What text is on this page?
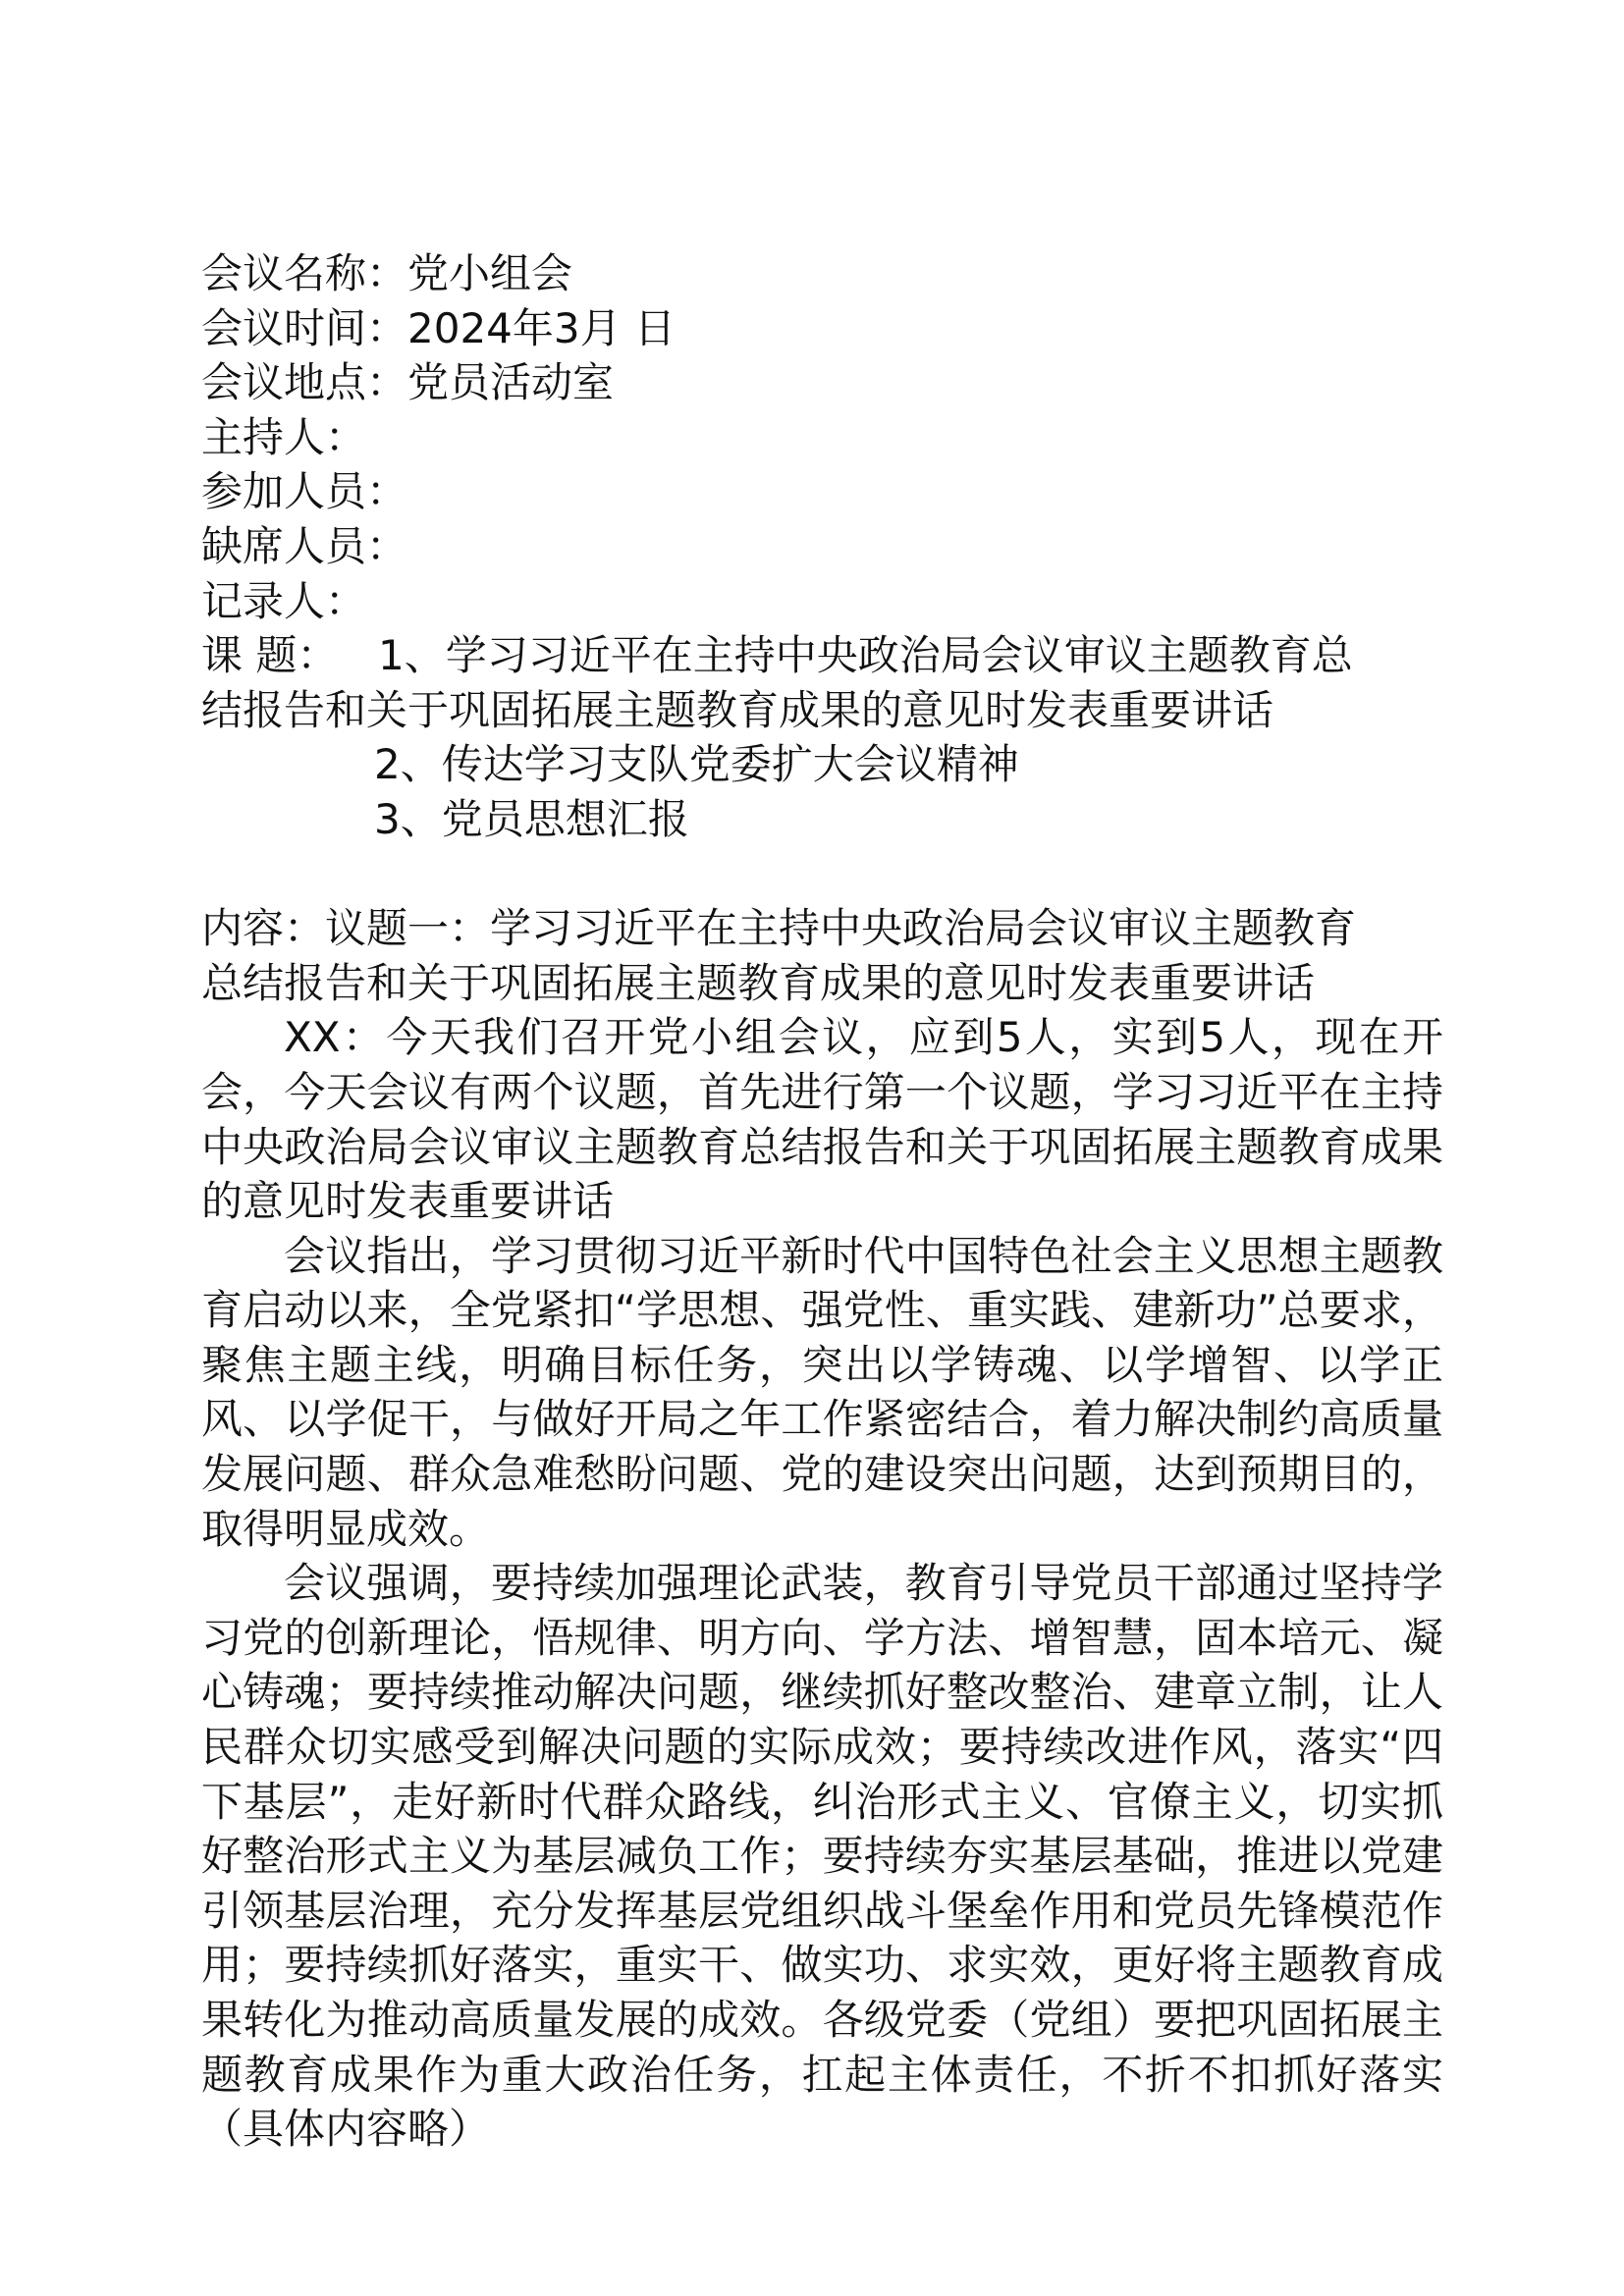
会议名称：党小组会
会议时间：2024年3月 日
会议地点：党员活动室
主持人：
参加人员：
缺席人员：
记录人：
课 题： 1、学习习近平在主持中央政治局会议审议主题教育总
结报告和关于巩固拓展主题教育成果的意见时发表重要讲话
2、传达学习支队党委扩大会议精神
3、党员思想汇报
内容：议题一：学习习近平在主持中央政治局会议审议主题教育
总结报告和关于巩固拓展主题教育成果的意见时发表重要讲话

XX：今天我们召开党小组会议，应到5人，实到5人，现在开会，今天会议有两个议题，首先进行第一个议题，学习习近平在主持中央政治局会议审议主题教育总结报告和关于巩固拓展主题教育成果的意见时发表重要讲话

会议指出，学习贯彻习近平新时代中国特色社会主义思想主题教育启动以来，全党紧扣“学思想、强党性、重实践、建新功”总要求，聚焦主题主线，明确目标任务，突出以学铸魂、以学增智、以学正风、以学促干，与做好开局之年工作紧密结合，着力解决制约高质量发展问题、群众急难愁盼问题、党的建设突出问题，达到预期目的，取得明显成效。

会议强调，要持续加强理论武装，教育引导党员干部通过坚持学习党的创新理论，悟规律、明方向、学方法、增智慧，固本培元、凝心铸魂；要持续推动解决问题，继续抓好整改整治、建章立制，让人民群众切实感受到解决问题的实际成效；要持续改进作风，落实“四下基层”，走好新时代群众路线，纠治形式主义、官僚主义，切实抓好整治形式主义为基层减负工作；要持续夯实基层基础，推进以党建引领基层治理，充分发挥基层党组织战斗堡垒作用和党员先锋模范作用；要持续抓好落实，重实干、做实功、求实效，更好将主题教育成果转化为推动高质量发展的成效。各级党委（党组）要把巩固拓展主题教育成果作为重大政治任务，扛起主体责任，不折不扣抓好落实（具体内容略）
